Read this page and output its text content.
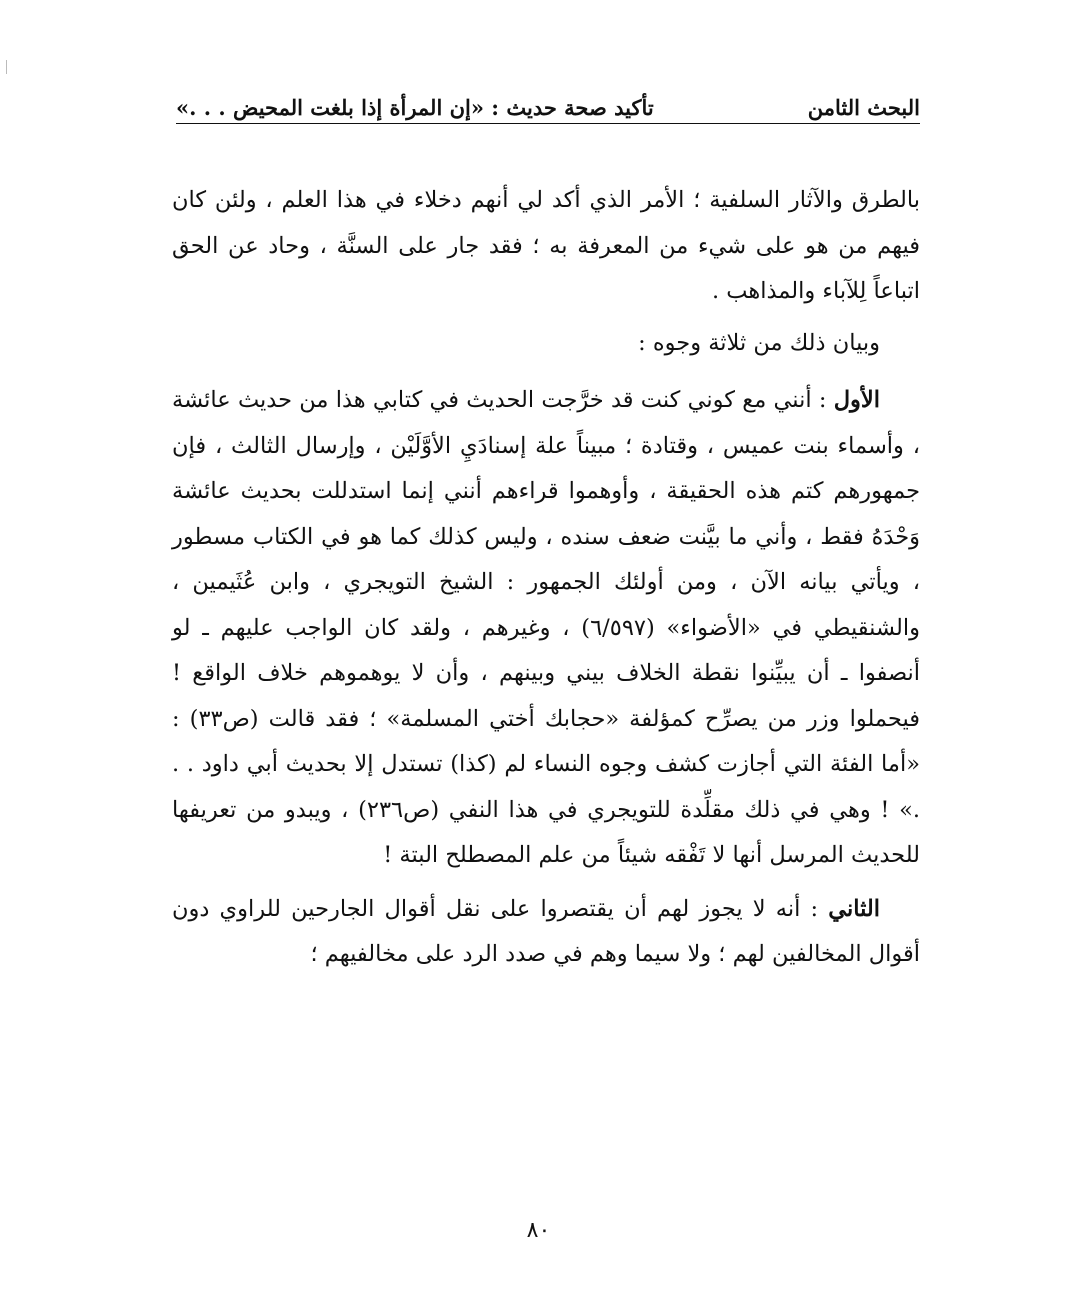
البحث الثامن
تأكيد صحة حديث : «إن المرأة إذا بلغت المحيض . . .»

بالطرق والآثار السلفية ؛ الأمر الذي أكد لي أنهم دخلاء في هذا العلم ، ولئن كان فيهم من هو على شيء من المعرفة به ؛ فقد جار على السنَّة ، وحاد عن الحق اتباعاً لِلآباء والمذاهب .

وبيان ذلك من ثلاثة وجوه :

الأول : أنني مع كوني كنت قد خرَّجت الحديث في كتابي هذا من حديث عائشة ، وأسماء بنت عميس ، وقتادة ؛ مبيناً علة إسنادَيِ الأوَّلَيْن ، وإرسال الثالث ، فإن جمهورهم كتم هذه الحقيقة ، وأوهموا قراءهم أنني إنما استدللت بحديث عائشة وَحْدَهُ فقط ، وأني ما بيَّنت ضعف سنده ، وليس كذلك كما هو في الكتاب مسطور ، ويأتي بيانه الآن ، ومن أولئك الجمهور : الشيخ التويجري ، وابن عُثَيمين ، والشنقيطي في «الأضواء» (٦/٥٩٧) ، وغيرهم ، ولقد كان الواجب عليهم ـ لو أنصفوا ـ أن يبيِّنوا نقطة الخلاف بيني وبينهم ، وأن لا يوهموهم خلاف الواقع ! فيحملوا وزر من يصرِّح كمؤلفة «حجابك أختي المسلمة» ؛ فقد قالت (ص٣٣) : «أما الفئة التي أجازت كشف وجوه النساء لم (كذا) تستدل إلا بحديث أبي داود . . .» ! وهي في ذلك مقلِّدة للتويجري في هذا النفي (ص٢٣٦) ، ويبدو من تعريفها للحديث المرسل أنها لا تَفْقه شيئاً من علم المصطلح البتة !

الثاني : أنه لا يجوز لهم أن يقتصروا على نقل أقوال الجارحين للراوي دون أقوال المخالفين لهم ؛ ولا سيما وهم في صدد الرد على مخالفيهم ؛

٨٠
